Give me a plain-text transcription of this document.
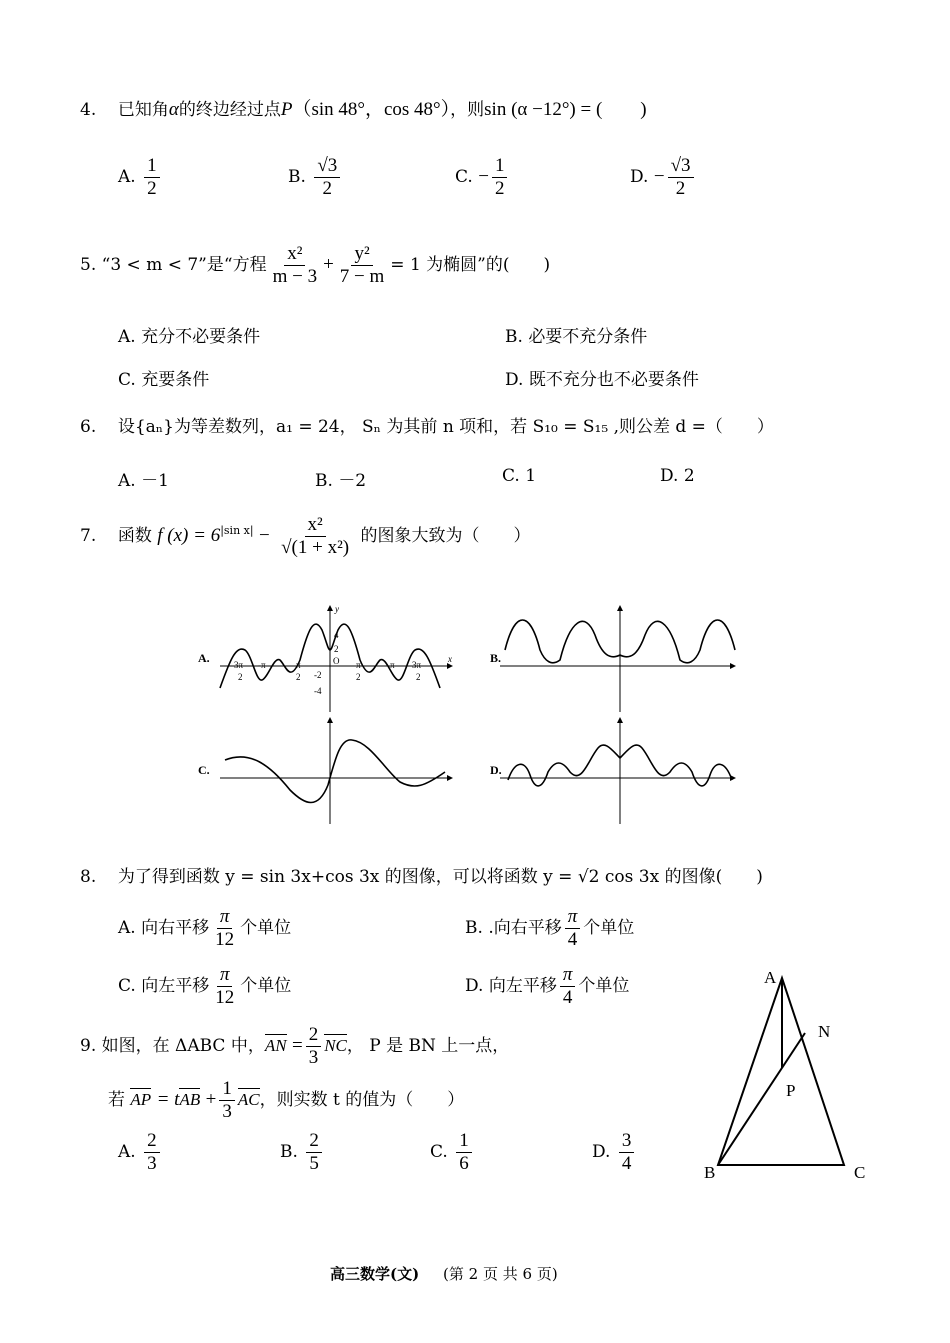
4. 已知角α的终边经过点P（sin 48°，cos 48°），则sin (α −12°) = (　　)
A. $\frac{1}{2}$	B. $\frac{√3}{2}$	C. − $\frac{1}{2}$	D. − $\frac{√3}{2}$
5. “3 < m < 7”是“方程 $\frac{\text{x²}}{m - 3} + \frac{\text{y²}}{7 - m} = 1$ 为椭圆”的(　　)
A. 充分不必要条件	B. 必要不充分条件
C. 充要条件	D. 既不充分也不必要条件
6. 设{aₙ}为等差数列，a₁ = 24， Sₙ 为其前 n 项和，若 S₁₀ = S₁₅ ,则公差 d =（　　）
A. －1	B. －2	C. 1	D. 2
7. 函数 f $(x) = 6^{|sin x|} - \frac{\text{x²}}{\text{√(1 + x²)}}$ 的图象大致为（　　）
A.	B.
C.	D.
4
2
-2
-4
O
y
x
3π
2
-π	π
2
π
2
π 3π
2
8. 为了得到函数 y = sin 3x+cos 3x 的图像，可以将函数 y = √2 cos 3x 的图像(　　)
A. 向右平移 $\frac{\pi}{12}$ 个单位	B. .向右平移 $\frac{\pi}{4}$ 个单位
C. 向左平移 $\frac{\pi}{12}$ 个单位	D. 向左平移 $\frac{\pi}{4}$ 个单位
9. 如图，在 ΔABC 中，AN = $\frac{2}{3}$ NC， P 是 BN 上一点，
若 AP = tAB + $\frac{1}{3}$ AC，则实数 t 的值为（　　）
A. $\frac{2}{3}$	B. $\frac{2}{5}$	C. $\frac{1}{6}$	D. $\frac{3}{4}$
A
N
P
B	C
高三数学(文) (第 2 页 共 6 页)
